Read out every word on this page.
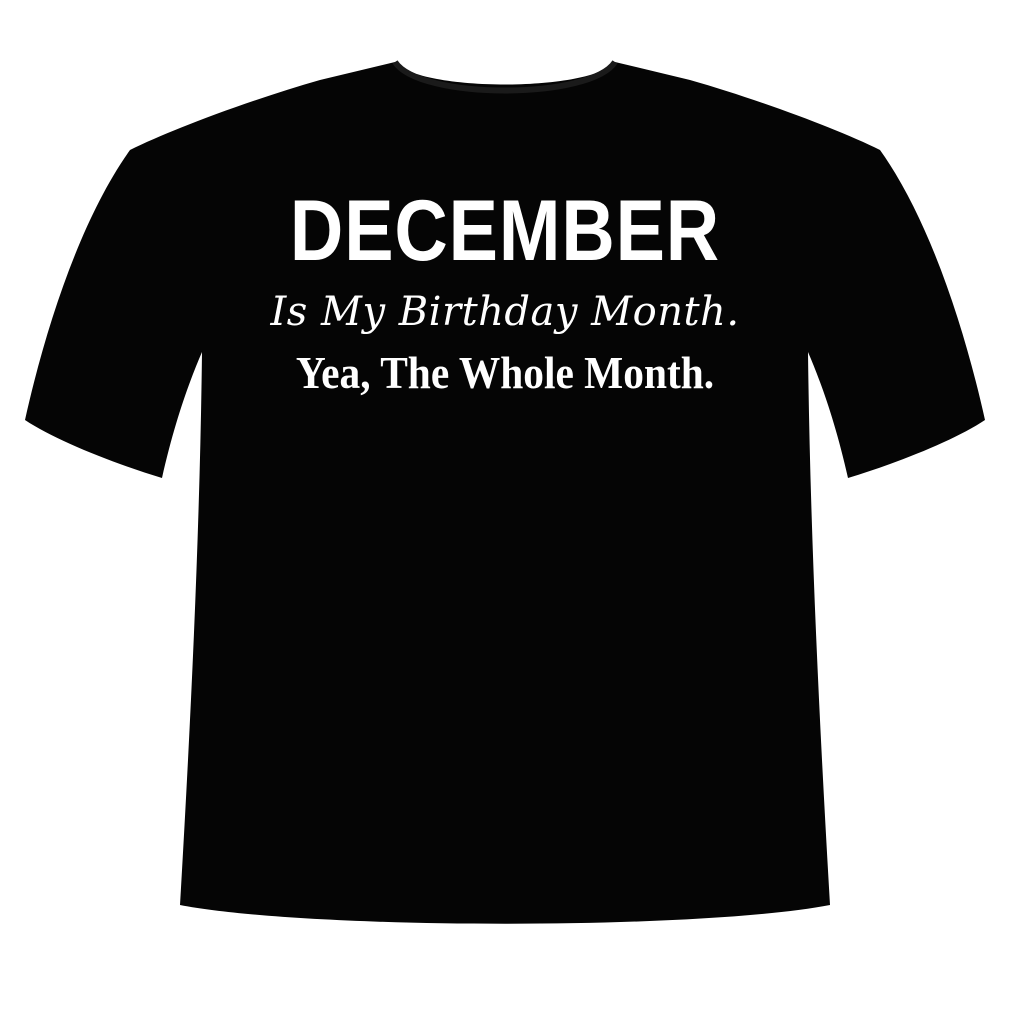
DECEMBER
Is My Birthday Month.
Yea, The Whole Month.
